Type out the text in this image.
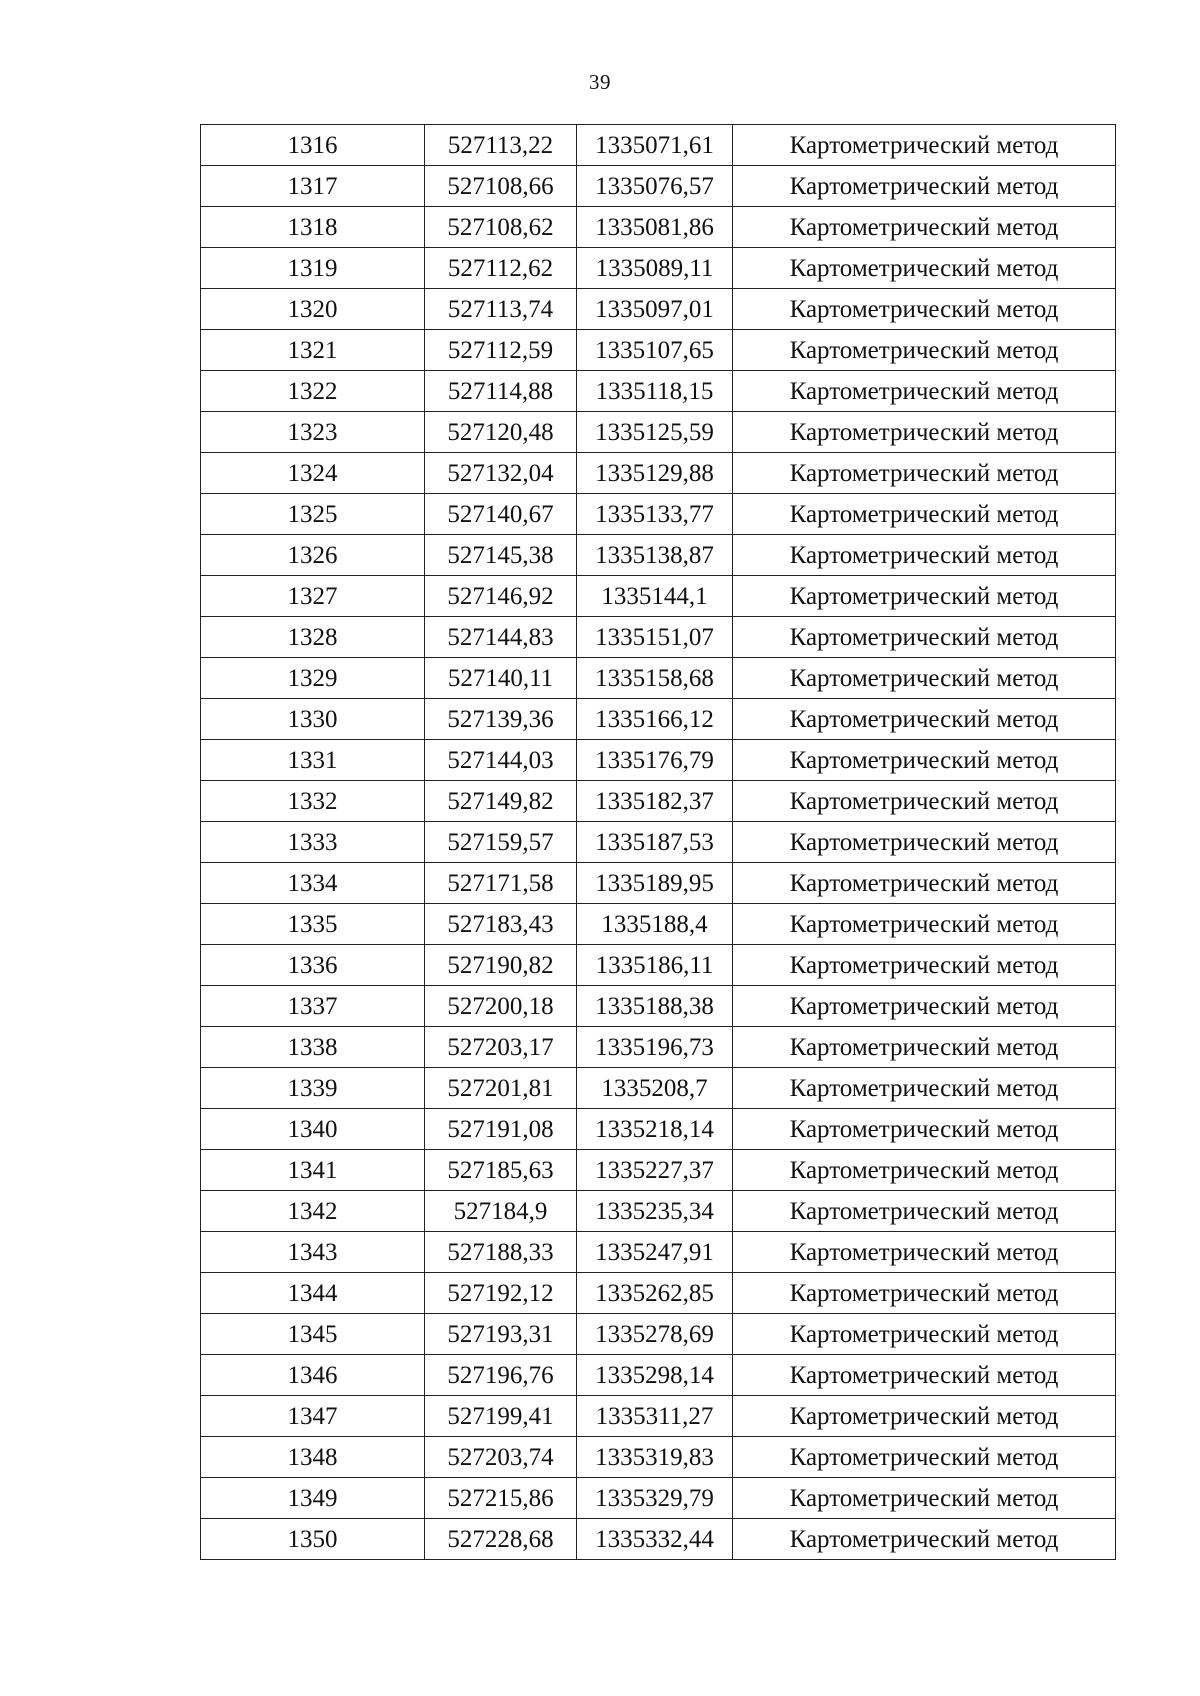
39
1316	527113,22	1335071,61	Картометрический метод
1317	527108,66	1335076,57	Картометрический метод
1318	527108,62	1335081,86	Картометрический метод
1319	527112,62	1335089,11	Картометрический метод
1320	527113,74	1335097,01	Картометрический метод
1321	527112,59	1335107,65	Картометрический метод
1322	527114,88	1335118,15	Картометрический метод
1323	527120,48	1335125,59	Картометрический метод
1324	527132,04	1335129,88	Картометрический метод
1325	527140,67	1335133,77	Картометрический метод
1326	527145,38	1335138,87	Картометрический метод
1327	527146,92	1335144,1	Картометрический метод
1328	527144,83	1335151,07	Картометрический метод
1329	527140,11	1335158,68	Картометрический метод
1330	527139,36	1335166,12	Картометрический метод
1331	527144,03	1335176,79	Картометрический метод
1332	527149,82	1335182,37	Картометрический метод
1333	527159,57	1335187,53	Картометрический метод
1334	527171,58	1335189,95	Картометрический метод
1335	527183,43	1335188,4	Картометрический метод
1336	527190,82	1335186,11	Картометрический метод
1337	527200,18	1335188,38	Картометрический метод
1338	527203,17	1335196,73	Картометрический метод
1339	527201,81	1335208,7	Картометрический метод
1340	527191,08	1335218,14	Картометрический метод
1341	527185,63	1335227,37	Картометрический метод
1342	527184,9	1335235,34	Картометрический метод
1343	527188,33	1335247,91	Картометрический метод
1344	527192,12	1335262,85	Картометрический метод
1345	527193,31	1335278,69	Картометрический метод
1346	527196,76	1335298,14	Картометрический метод
1347	527199,41	1335311,27	Картометрический метод
1348	527203,74	1335319,83	Картометрический метод
1349	527215,86	1335329,79	Картометрический метод
1350	527228,68	1335332,44	Картометрический метод
